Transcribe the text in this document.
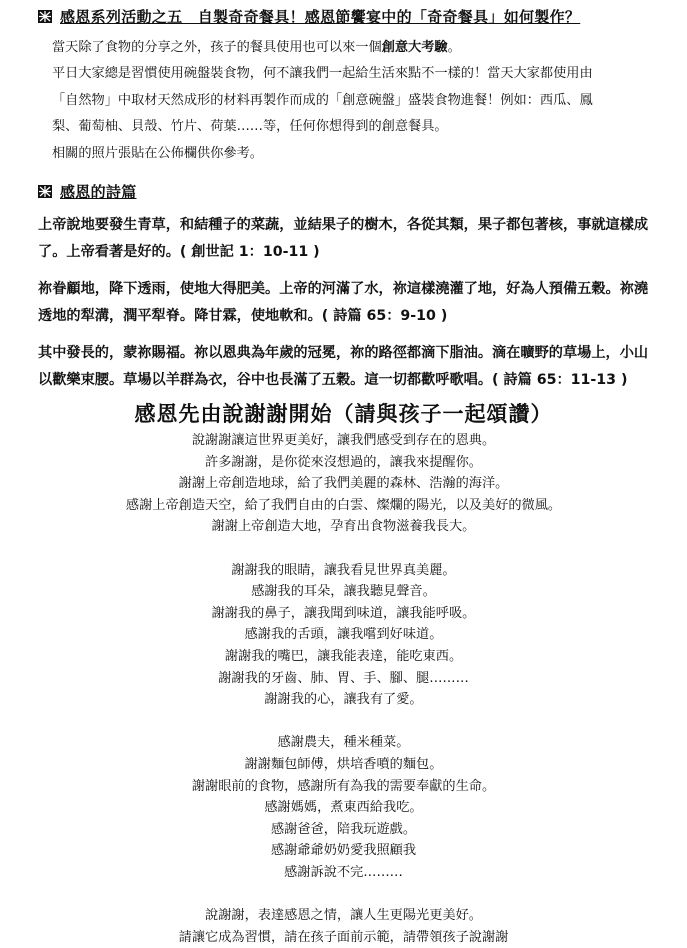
感恩系列活動之五　自製奇奇餐具！感恩節饗宴中的「奇奇餐具」如何製作？
當天除了食物的分享之外，孩子的餐具使用也可以來一個創意大考驗。
平日大家總是習慣使用碗盤裝食物，何不讓我們一起給生活來點不一樣的！當天大家都使用由
「自然物」中取材天然成形的材料再製作而成的「創意碗盤」盛裝食物進餐！例如：西瓜、鳳
梨、葡萄柚、貝殼、竹片、荷葉……等，任何你想得到的創意餐具。
相關的照片張貼在公佈欄供你參考。
感恩的詩篇
上帝說地要發生青草，和結種子的菜蔬，並結果子的樹木，各從其類，果子都包著核，事就這樣成
了。上帝看著是好的。( 創世記 1：10-11 )
祢眷顧地，降下透雨，使地大得肥美。上帝的河滿了水，祢這樣澆灌了地，好為人預備五穀。祢澆
透地的犁溝，潤平犁脊。降甘霖，使地軟和。( 詩篇 65：9-10 )
其中發長的，蒙祢賜福。祢以恩典為年歲的冠冕，祢的路徑都滴下脂油。滴在曠野的草場上，小山
以歡樂束腰。草場以羊群為衣，谷中也長滿了五穀。這一切都歡呼歌唱。( 詩篇 65：11-13 )
感恩先由說謝謝開始（請與孩子一起頌讚）
說謝謝讓這世界更美好，讓我們感受到存在的恩典。
許多謝謝，是你從來沒想過的，讓我來提醒你。
謝謝上帝創造地球，給了我們美麗的森林、浩瀚的海洋。
感謝上帝創造天空，給了我們自由的白雲、燦爛的陽光，以及美好的微風。
謝謝上帝創造大地，孕育出食物滋養我長大。
謝謝我的眼睛，讓我看見世界真美麗。
感謝我的耳朵，讓我聽見聲音。
謝謝我的鼻子，讓我聞到味道，讓我能呼吸。
感謝我的舌頭，讓我嚐到好味道。
謝謝我的嘴巴，讓我能表達，能吃東西。
謝謝我的牙齒、肺、胃、手、腳、腿………
謝謝我的心，讓我有了愛。
感謝農夫，種米種菜。
謝謝麵包師傅，烘培香噴的麵包。
謝謝眼前的食物，感謝所有為我的需要奉獻的生命。
感謝媽媽，煮東西給我吃。
感謝爸爸，陪我玩遊戲。
感謝爺爺奶奶愛我照顧我
感謝訴說不完………
說謝謝，表達感恩之情，讓人生更陽光更美好。
請讓它成為習慣，請在孩子面前示範，請帶領孩子說謝謝
